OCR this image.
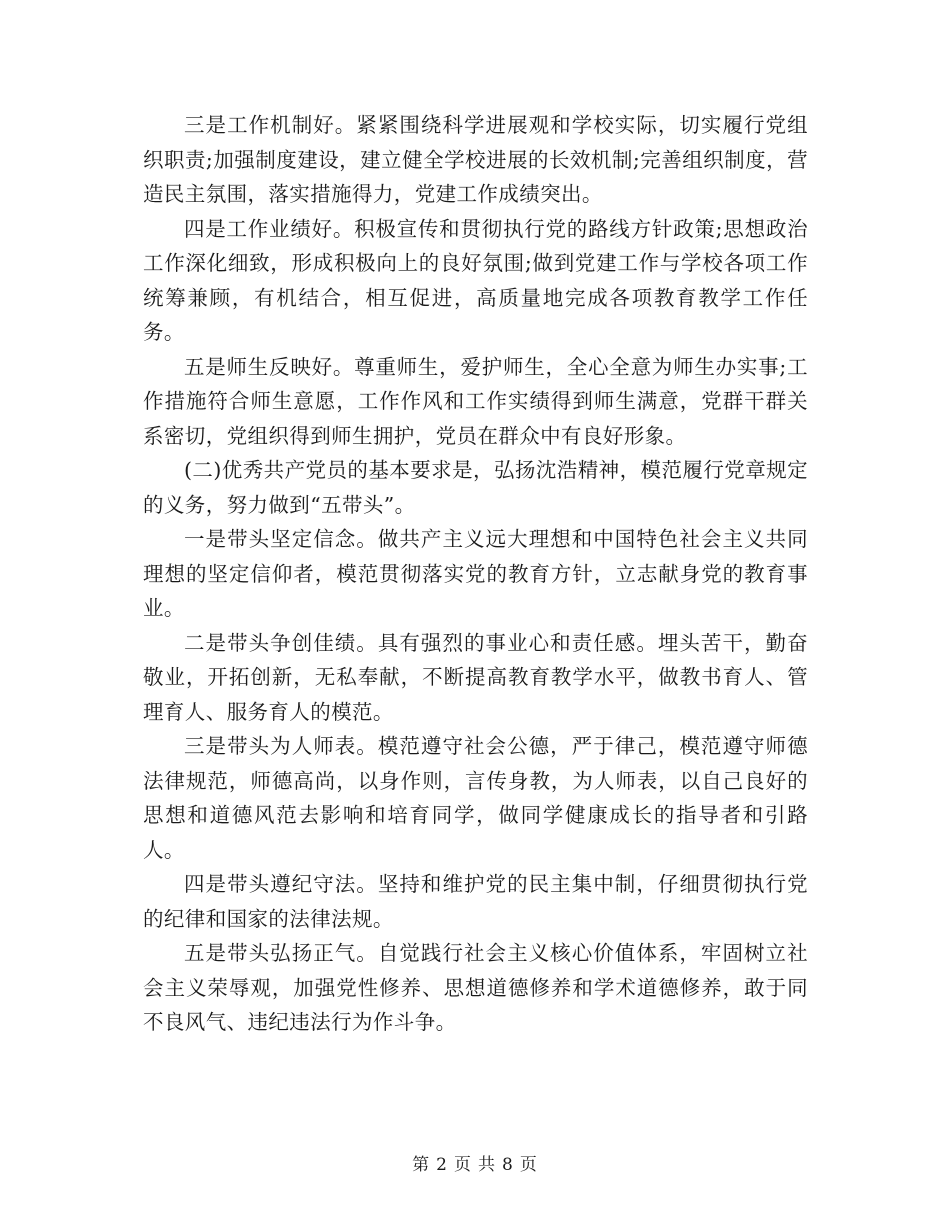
三是工作机制好。紧紧围绕科学进展观和学校实际，切实履行党组织职责;加强制度建设，建立健全学校进展的长效机制;完善组织制度，营造民主氛围，落实措施得力，党建工作成绩突出。

四是工作业绩好。积极宣传和贯彻执行党的路线方针政策;思想政治工作深化细致，形成积极向上的良好氛围;做到党建工作与学校各项工作统筹兼顾，有机结合，相互促进，高质量地完成各项教育教学工作任务。

五是师生反映好。尊重师生，爱护师生，全心全意为师生办实事;工作措施符合师生意愿，工作作风和工作实绩得到师生满意，党群干群关系密切，党组织得到师生拥护，党员在群众中有良好形象。

(二)优秀共产党员的基本要求是，弘扬沈浩精神，模范履行党章规定的义务，努力做到“五带头”。

一是带头坚定信念。做共产主义远大理想和中国特色社会主义共同理想的坚定信仰者，模范贯彻落实党的教育方针，立志献身党的教育事业。

二是带头争创佳绩。具有强烈的事业心和责任感。埋头苦干，勤奋敬业，开拓创新，无私奉献，不断提高教育教学水平，做教书育人、管理育人、服务育人的模范。

三是带头为人师表。模范遵守社会公德，严于律己，模范遵守师德法律规范，师德高尚，以身作则，言传身教，为人师表，以自己良好的思想和道德风范去影响和培育同学，做同学健康成长的指导者和引路人。

四是带头遵纪守法。坚持和维护党的民主集中制，仔细贯彻执行党的纪律和国家的法律法规。

五是带头弘扬正气。自觉践行社会主义核心价值体系，牢固树立社会主义荣辱观，加强党性修养、思想道德修养和学术道德修养，敢于同不良风气、违纪违法行为作斗争。

第 2 页 共 8 页
